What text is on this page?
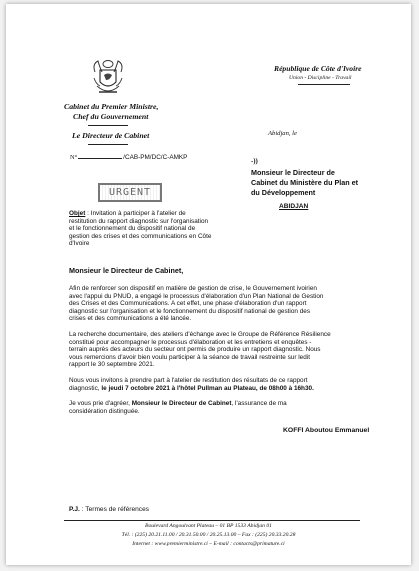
République de Côte d'Ivoire
Union - Discipline - Travail
Cabinet du Premier Ministre,
Chef du Gouvernement
Le Directeur de Cabinet
N°	/CAB-PM/DC/C-AMKP
Abidjan, le
-))
Monsieur le Directeur de
Cabinet du Ministère du Plan et
du Développement
ABIDJAN
URGENT
Objet : Invitation à participer à l'atelier de
restitution du rapport diagnostic sur l'organisation
et le fonctionnement du dispositif national de
gestion des crises et des communications en Côte
d'Ivoire
Monsieur le Directeur de Cabinet,
Afin de renforcer son dispositif en matière de gestion de crise, le Gouvernement ivoirien
avec l'appui du PNUD, a engagé le processus d'élaboration d'un Plan National de Gestion
des Crises et des Communications. A cet effet, une phase d'élaboration d'un rapport
diagnostic sur l'organisation et le fonctionnement du dispositif national de gestion des
crises et des communications a été lancée.
La recherche documentaire, des ateliers d'échange avec le Groupe de Référence Résilience
constitué pour accompagner le processus d'élaboration et les entretiens et enquêtes -
terrain auprès des acteurs du secteur ont permis de produire un rapport diagnostic. Nous
vous remercions d'avoir bien voulu participer à la séance de travail restreinte sur ledit
rapport le 30 septembre 2021.
Nous vous invitons à prendre part à l'atelier de restitution des résultats de ce rapport
diagnostic, le jeudi 7 octobre 2021 à l'hôtel Pullman au Plateau, de 08h00 à 16h30.
Je vous prie d'agréer, Monsieur le Directeur de Cabinet, l'assurance de ma
considération distinguée.
KOFFI Aboutou Emmanuel
P.J. : Termes de références
Boulevard Angoulvant Plateau – 01 BP 1533 Abidjan 01
Tél. : (225) 20.21.11.00 / 20.31.50.00 / 20.25.13.00 – Fax : (225) 20.33.20.28
Internet : www.premierministre.ci – E-mail : contacts@primature.ci
